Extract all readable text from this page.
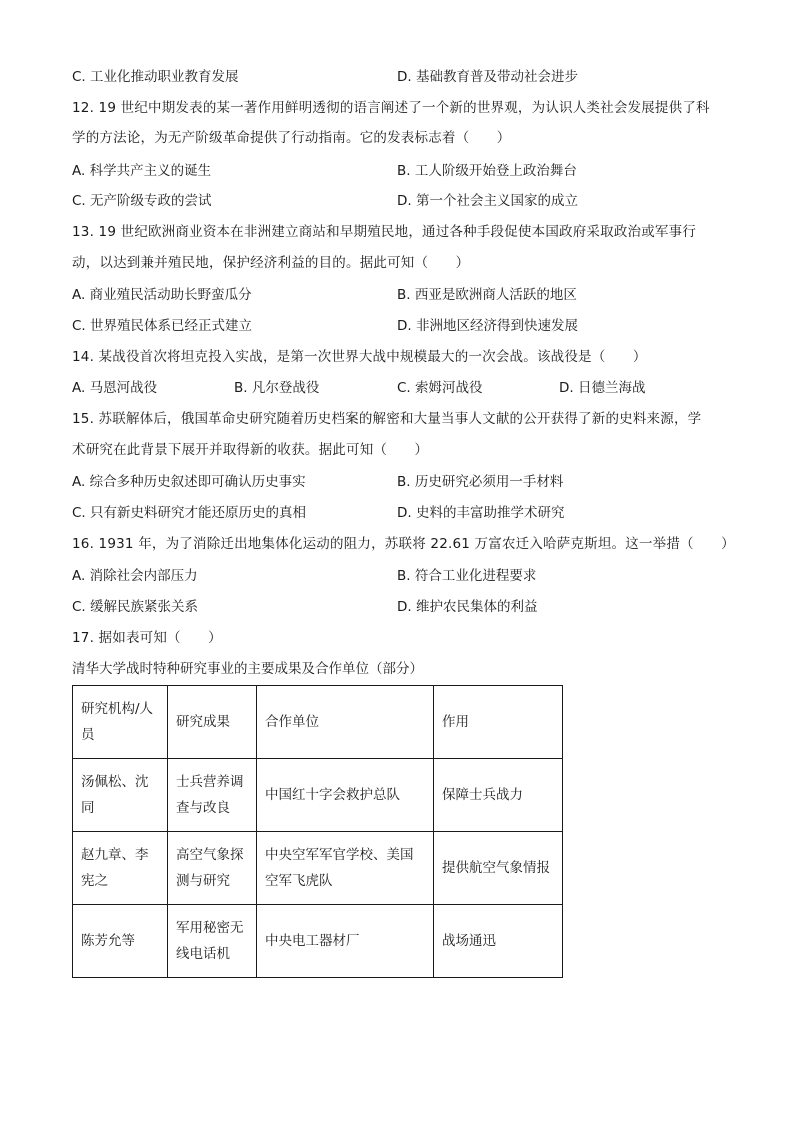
C. 工业化推动职业教育发展	D. 基础教育普及带动社会进步
12. 19 世纪中期发表的某一著作用鲜明透彻的语言阐述了一个新的世界观，为认识人类社会发展提供了科
学的方法论，为无产阶级革命提供了行动指南。它的发表标志着（　　）
A. 科学共产主义的诞生	B. 工人阶级开始登上政治舞台
C. 无产阶级专政的尝试	D. 第一个社会主义国家的成立
13. 19 世纪欧洲商业资本在非洲建立商站和早期殖民地，通过各种手段促使本国政府采取政治或军事行
动，以达到兼并殖民地，保护经济利益的目的。据此可知（　　）
A. 商业殖民活动助长野蛮瓜分	B. 西亚是欧洲商人活跃的地区
C. 世界殖民体系已经正式建立	D. 非洲地区经济得到快速发展
14. 某战役首次将坦克投入实战，是第一次世界大战中规模最大的一次会战。该战役是（　　）
A. 马恩河战役	B. 凡尔登战役	C. 索姆河战役	D. 日德兰海战
15. 苏联解体后，俄国革命史研究随着历史档案的解密和大量当事人文献的公开获得了新的史料来源，学
术研究在此背景下展开并取得新的收获。据此可知（　　）
A. 综合多种历史叙述即可确认历史事实	B. 历史研究必须用一手材料
C. 只有新史料研究才能还原历史的真相	D. 史料的丰富助推学术研究
16. 1931 年，为了消除迁出地集体化运动的阻力，苏联将 22.61 万富农迁入哈萨克斯坦。这一举措（　　）
A. 消除社会内部压力	B. 符合工业化进程要求
C. 缓解民族紧张关系	D. 维护农民集体的利益
17. 据如表可知（　　）
清华大学战时特种研究事业的主要成果及合作单位（部分）
研究机构/人员	研究成果	合作单位	作用
汤佩松、沈同	士兵营养调查与改良	中国红十字会救护总队	保障士兵战力
赵九章、李宪之	高空气象探测与研究	中央空军军官学校、美国空军飞虎队	提供航空气象情报
陈芳允等	军用秘密无线电话机	中央电工器材厂	战场通迅
